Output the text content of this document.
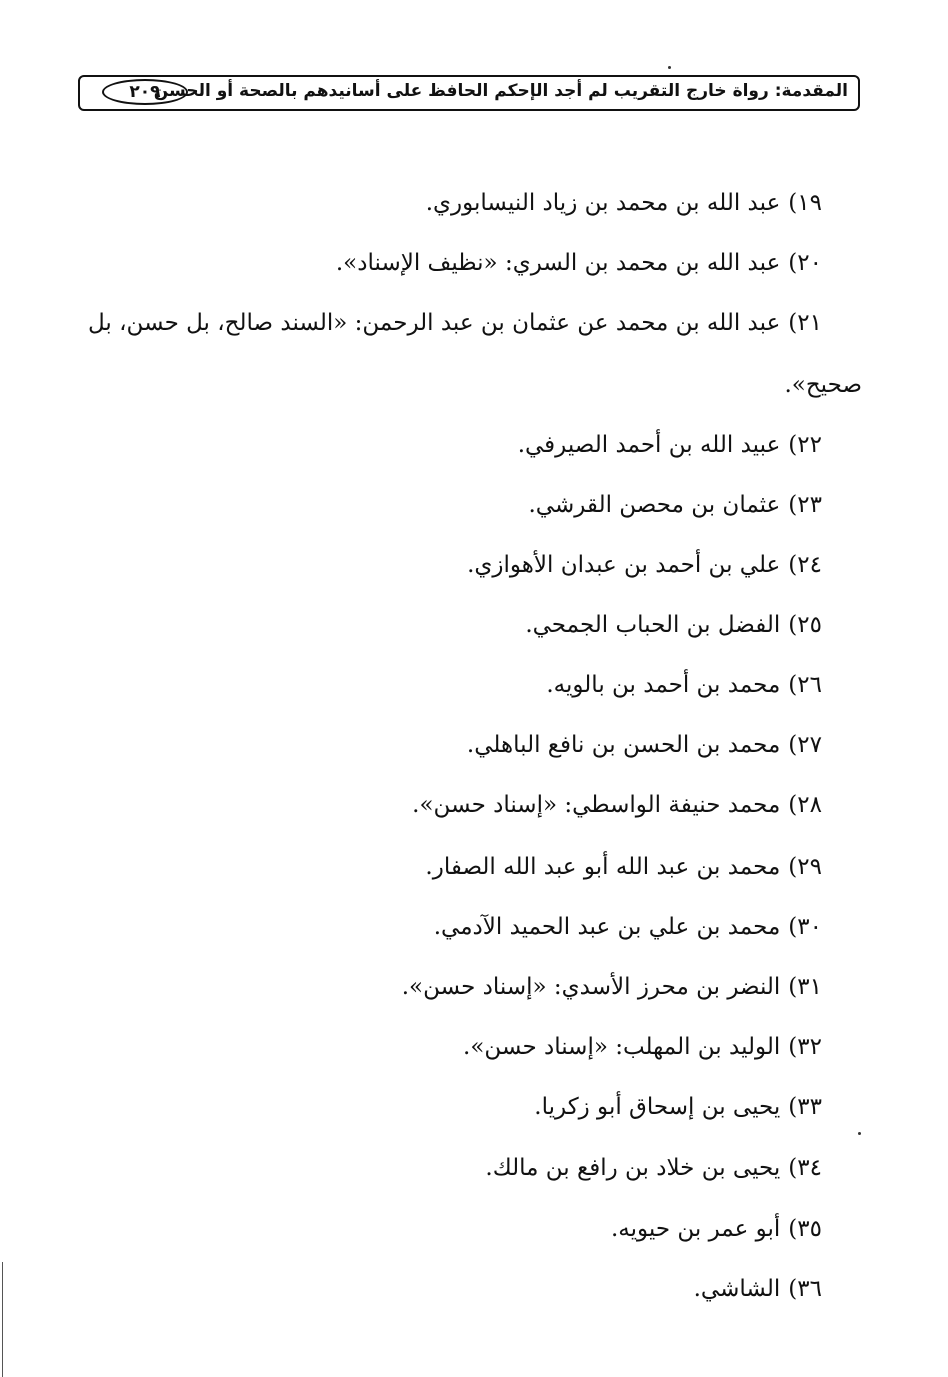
المقدمة: رواة خارج التقريب لم أجد الإحكم الحافظ على أسانيدهم بالصحة أو الحسن
٢٠٩
١٩)عبد الله بن محمد بن زياد النيسابوري.
٢٠)عبد الله بن محمد بن السري: «نظيف الإسناد».
٢١)عبد الله بن محمد عن عثمان بن عبد الرحمن: «السند صالح، بل حسن، بل
صحيح».
٢٢)عبيد الله بن أحمد الصيرفي.
٢٣)عثمان بن محصن القرشي.
٢٤)علي بن أحمد بن عبدان الأهوازي.
٢٥)الفضل بن الحباب الجمحي.
٢٦)محمد بن أحمد بن بالويه.
٢٧)محمد بن الحسن بن نافع الباهلي.
٢٨)محمد حنيفة الواسطي: «إسناد حسن».
٢٩)محمد بن عبد الله أبو عبد الله الصفار.
٣٠)محمد بن علي بن عبد الحميد الآدمي.
٣١)النضر بن محرز الأسدي: «إسناد حسن».
٣٢)الوليد بن المهلب: «إسناد حسن».
٣٣)يحيى بن إسحاق أبو زكريا.
٣٤)يحيى بن خلاد بن رافع بن مالك.
٣٥)أبو عمر بن حيويه.
٣٦)الشاشي.
